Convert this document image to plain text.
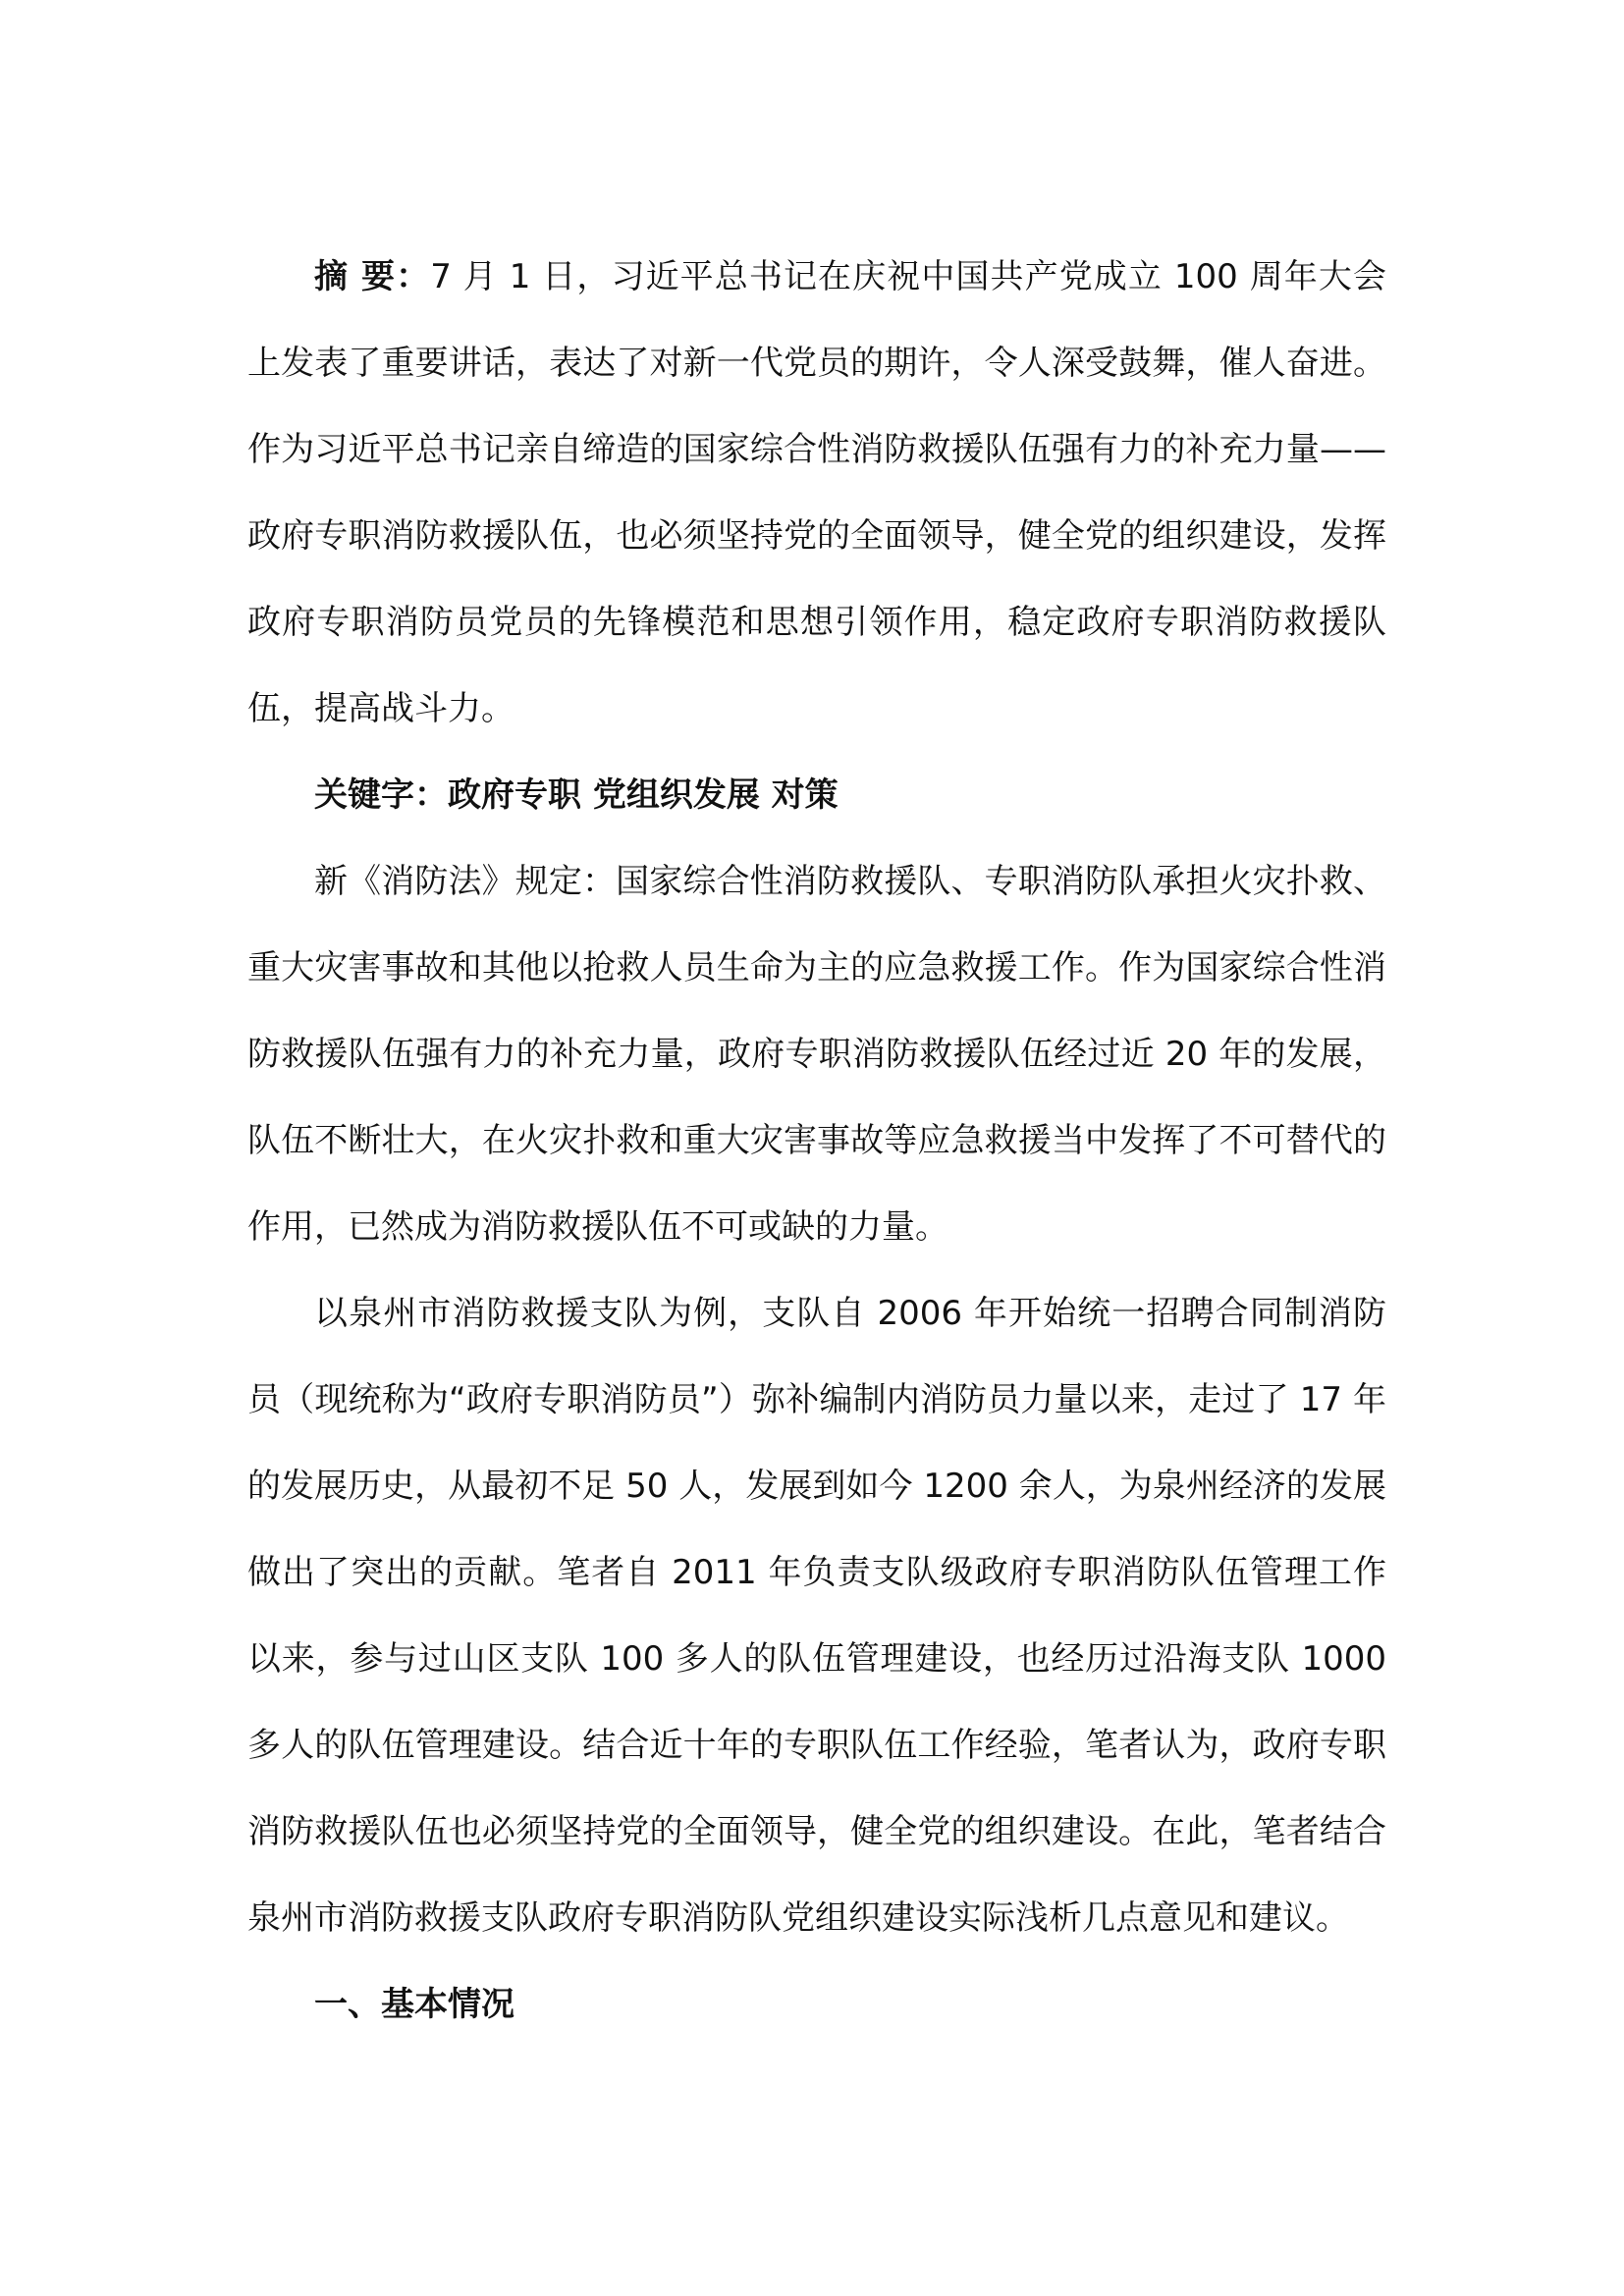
摘 要：7 月 1 日，习近平总书记在庆祝中国共产党成立 100 周年大会上发表了重要讲话，表达了对新一代党员的期许，令人深受鼓舞，催人奋进。作为习近平总书记亲自缔造的国家综合性消防救援队伍强有力的补充力量——政府专职消防救援队伍，也必须坚持党的全面领导，健全党的组织建设，发挥政府专职消防员党员的先锋模范和思想引领作用，稳定政府专职消防救援队伍，提高战斗力。

关键字：政府专职 党组织发展 对策

新《消防法》规定：国家综合性消防救援队、专职消防队承担火灾扑救、重大灾害事故和其他以抢救人员生命为主的应急救援工作。作为国家综合性消防救援队伍强有力的补充力量，政府专职消防救援队伍经过近 20 年的发展，队伍不断壮大，在火灾扑救和重大灾害事故等应急救援当中发挥了不可替代的作用，已然成为消防救援队伍不可或缺的力量。

以泉州市消防救援支队为例，支队自 2006 年开始统一招聘合同制消防员（现统称为“政府专职消防员”）弥补编制内消防员力量以来，走过了 17 年的发展历史，从最初不足 50 人，发展到如今 1200 余人，为泉州经济的发展做出了突出的贡献。笔者自 2011 年负责支队级政府专职消防队伍管理工作以来，参与过山区支队 100 多人的队伍管理建设，也经历过沿海支队 1000 多人的队伍管理建设。结合近十年的专职队伍工作经验，笔者认为，政府专职消防救援队伍也必须坚持党的全面领导，健全党的组织建设。在此，笔者结合泉州市消防救援支队政府专职消防队党组织建设实际浅析几点意见和建议。

一、基本情况
